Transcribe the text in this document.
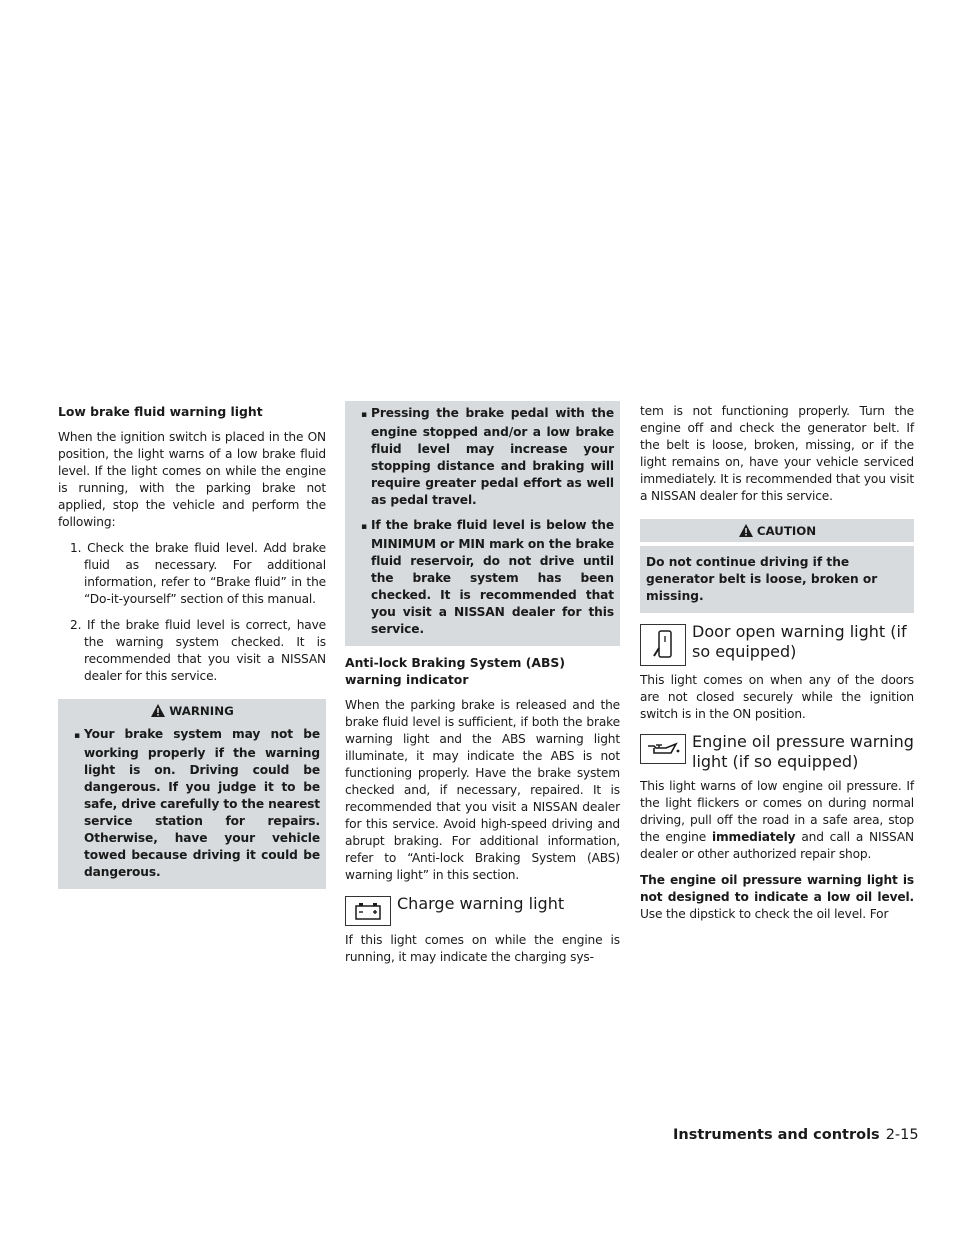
Low brake fluid warning light
When the ignition switch is placed in the ON position, the light warns of a low brake fluid level. If the light comes on while the engine is running, with the parking brake not applied, stop the vehicle and perform the following:
1. Check the brake fluid level. Add brake fluid as necessary. For additional information, refer to “Brake fluid” in the “Do-it-yourself” section of this manual.
2. If the brake fluid level is correct, have the warning system checked. It is recommended that you visit a NISSAN dealer for this service.
WARNING
▪ Your brake system may not be working properly if the warning light is on. Driving could be dangerous. If you judge it to be safe, drive carefully to the nearest service station for repairs. Otherwise, have your vehicle towed because driving it could be dangerous.
▪ Pressing the brake pedal with the engine stopped and/or a low brake fluid level may increase your stopping distance and braking will require greater pedal effort as well as pedal travel.
▪ If the brake fluid level is below the MINIMUM or MIN mark on the brake fluid reservoir, do not drive until the brake system has been checked. It is recommended that you visit a NISSAN dealer for this service.
Anti-lock Braking System (ABS) warning indicator
When the parking brake is released and the brake fluid level is sufficient, if both the brake warning light and the ABS warning light illuminate, it may indicate the ABS is not functioning properly. Have the brake system checked and, if necessary, repaired. It is recommended that you visit a NISSAN dealer for this service. Avoid high-speed driving and abrupt braking. For additional information, refer to “Anti-lock Braking System (ABS) warning light” in this section.
Charge warning light
If this light comes on while the engine is running, it may indicate the charging sys-
tem is not functioning properly. Turn the engine off and check the generator belt. If the belt is loose, broken, missing, or if the light remains on, have your vehicle serviced immediately. It is recommended that you visit a NISSAN dealer for this service.
CAUTION
Do not continue driving if the generator belt is loose, broken or missing.
Door open warning light (if so equipped)
This light comes on when any of the doors are not closed securely while the ignition switch is in the ON position.
Engine oil pressure warning light (if so equipped)
This light warns of low engine oil pressure. If the light flickers or comes on during normal driving, pull off the road in a safe area, stop the engine immediately and call a NISSAN dealer or other authorized repair shop.
The engine oil pressure warning light is not designed to indicate a low oil level. Use the dipstick to check the oil level. For
Instruments and controls 2-15
